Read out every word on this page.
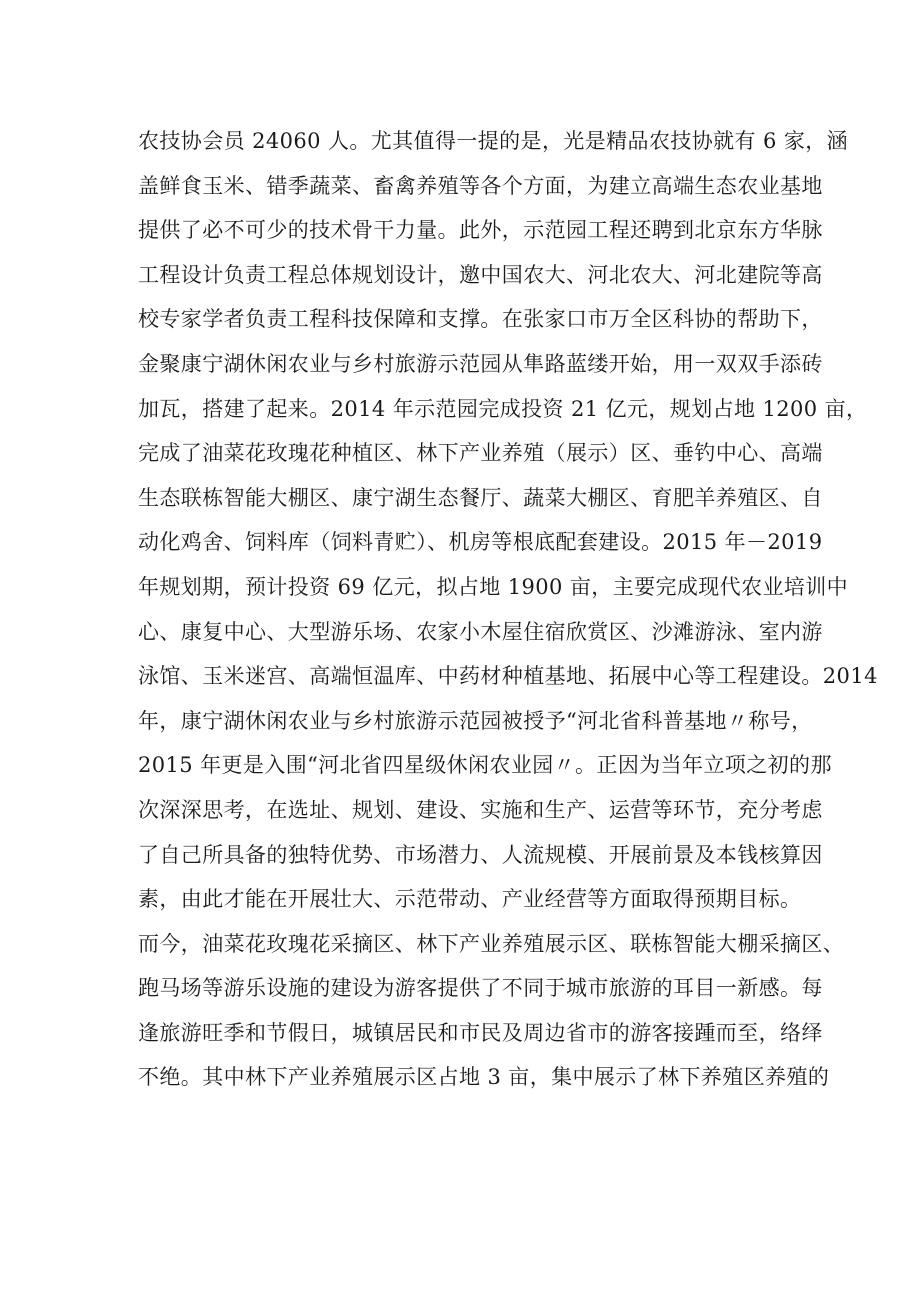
农技协会员 24060 人。尤其值得一提的是，光是精品农技协就有 6 家，涵
盖鲜食玉米、错季蔬菜、畜禽养殖等各个方面，为建立高端生态农业基地
提供了必不可少的技术骨干力量。此外，示范园工程还聘到北京东方华脉
工程设计负责工程总体规划设计，邀中国农大、河北农大、河北建院等高
校专家学者负责工程科技保障和支撑。在张家口市万全区科协的帮助下，
金聚康宁湖休闲农业与乡村旅游示范园从隼路蓝缕开始，用一双双手添砖
加瓦，搭建了起来。2014 年示范园完成投资 21 亿元，规划占地 1200 亩，
完成了油菜花玫瑰花种植区、林下产业养殖（展示）区、垂钓中心、高端
生态联栋智能大棚区、康宁湖生态餐厅、蔬菜大棚区、育肥羊养殖区、自
动化鸡舍、饲料库（饲料青贮）、机房等根底配套建设。2015 年－2019
年规划期，预计投资 69 亿元，拟占地 1900 亩，主要完成现代农业培训中
心、康复中心、大型游乐场、农家小木屋住宿欣赏区、沙滩游泳、室内游
泳馆、玉米迷宫、高端恒温库、中药材种植基地、拓展中心等工程建设。2014
年，康宁湖休闲农业与乡村旅游示范园被授予“河北省科普基地〃称号，
2015 年更是入围“河北省四星级休闲农业园〃。正因为当年立项之初的那
次深深思考，在选址、规划、建设、实施和生产、运营等环节，充分考虑
了自己所具备的独特优势、市场潜力、人流规模、开展前景及本钱核算因
素，由此才能在开展壮大、示范带动、产业经营等方面取得预期目标。
而今，油菜花玫瑰花采摘区、林下产业养殖展示区、联栋智能大棚采摘区、
跑马场等游乐设施的建设为游客提供了不同于城市旅游的耳目一新感。每
逢旅游旺季和节假日，城镇居民和市民及周边省市的游客接踵而至，络绎
不绝。其中林下产业养殖展示区占地 3 亩，集中展示了林下养殖区养殖的
